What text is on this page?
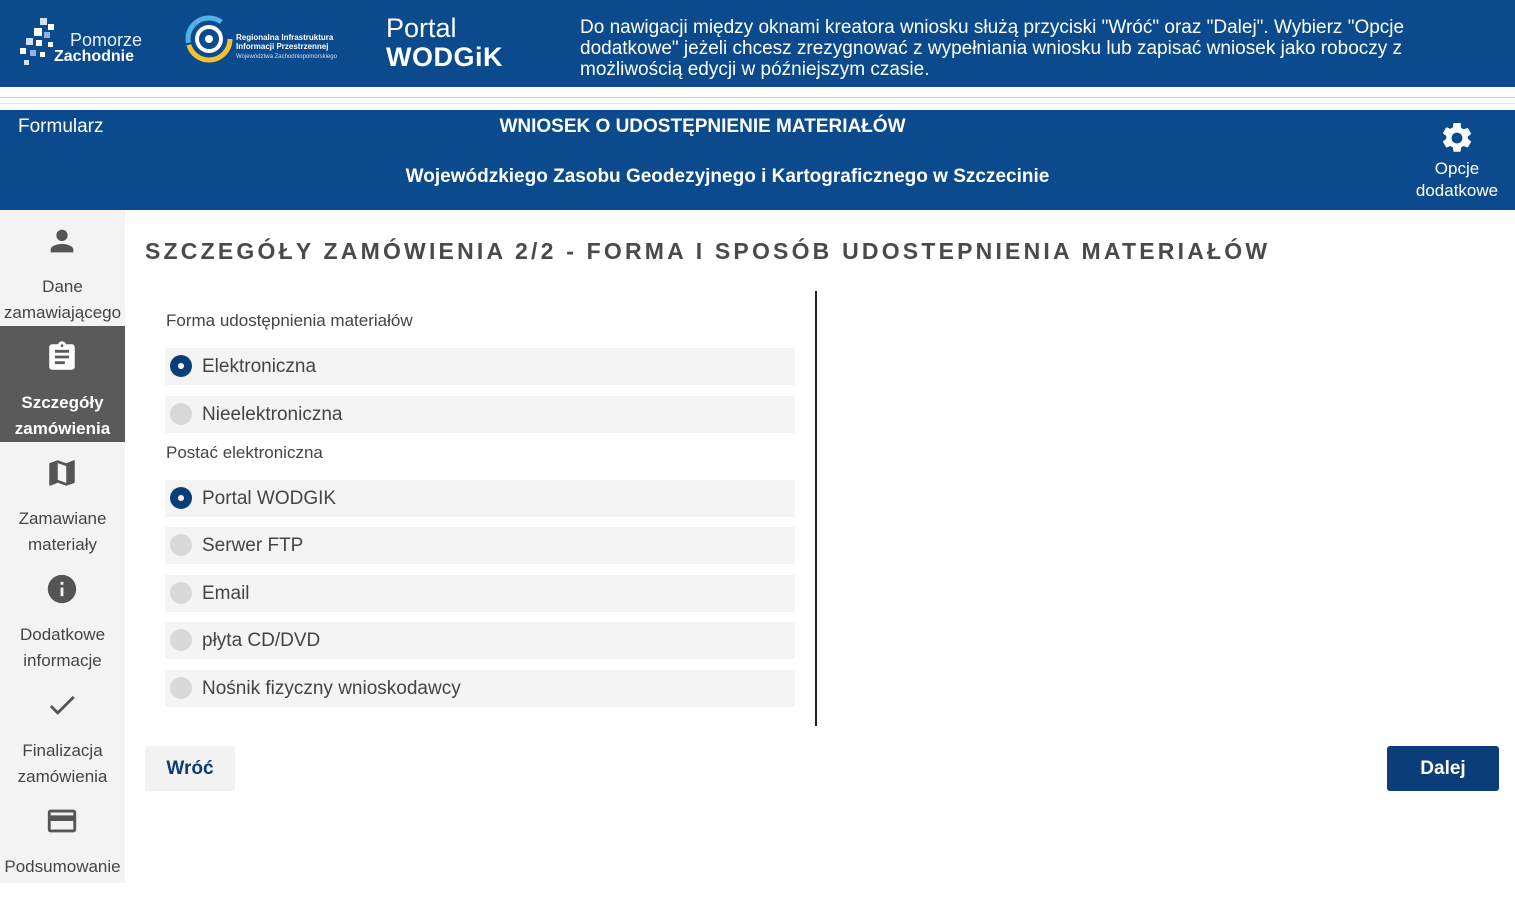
Pomorze
Zachodnie
Regionalna Infrastruktura Informacji Przestrzennej
Województwa Zachodniopomorskiego
Portal
WODGiK
Do nawigacji między oknami kreatora wniosku służą przyciski "Wróć" oraz "Dalej". Wybierz "Opcje dodatkowe" jeżeli chcesz zrezygnować z wypełniania wniosku lub zapisać wniosek jako roboczy z możliwością edycji w późniejszym czasie.
Formularz	WNIOSEK O UDOSTĘPNIENIE MATERIAŁÓW
Wojewódzkiego Zasobu Geodezyjnego i Kartograficznego w Szczecinie	Opcje dodatkowe
Dane zamawiającego
Szczegóły zamówienia
Zamawiane materiały
Dodatkowe informacje
Finalizacja zamówienia
Podsumowanie
SZCZEGÓŁY ZAMÓWIENIA 2/2 - FORMA I SPOSÓB UDOSTEPNIENIA MATERIAŁÓW
Forma udostępnienia materiałów
Elektroniczna
Nieelektroniczna
Postać elektroniczna
Portal WODGIK
Serwer FTP
Email
płyta CD/DVD
Nośnik fizyczny wnioskodawcy
Wróć	Dalej
